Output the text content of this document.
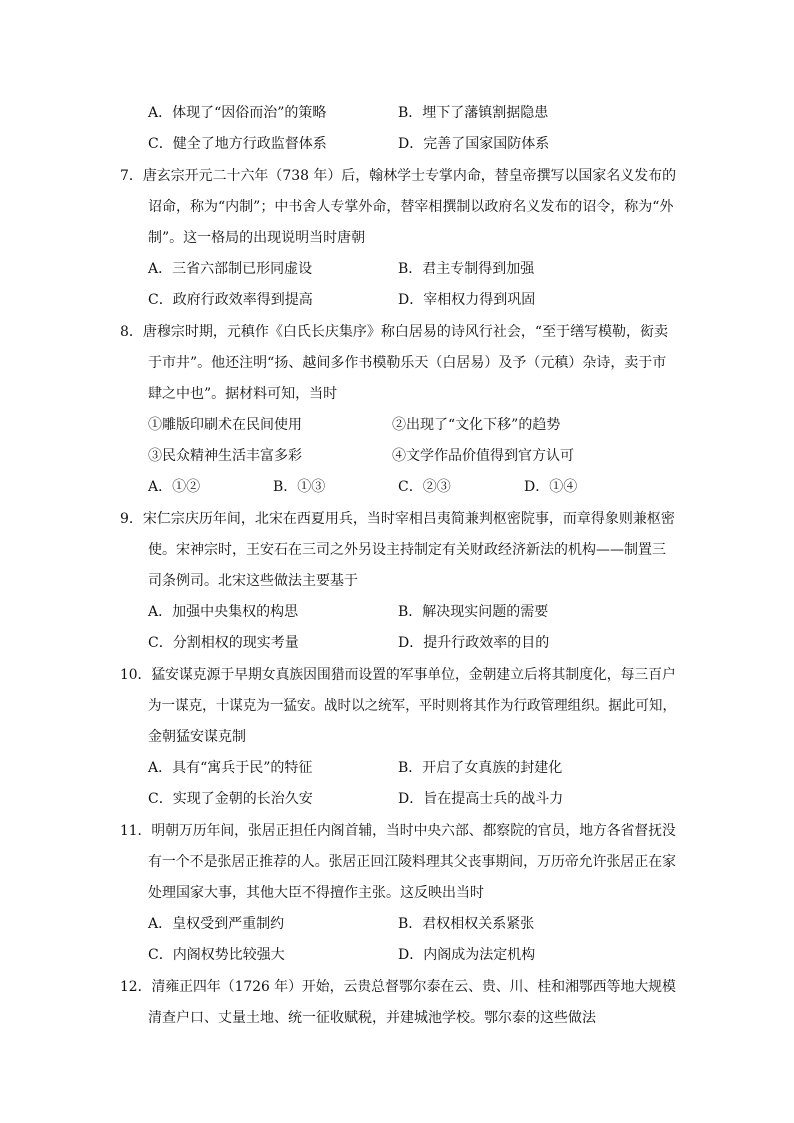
A．体现了“因俗而治”的策略	B．埋下了藩镇割据隐患
C．健全了地方行政监督体系	D．完善了国家国防体系
7．唐玄宗开元二十六年（738 年）后，翰林学士专掌内命，替皇帝撰写以国家名义发布的
诏命，称为“内制”；中书舍人专掌外命，替宰相撰制以政府名义发布的诏令，称为“外
制”。这一格局的出现说明当时唐朝
A．三省六部制已形同虚设	B．君主专制得到加强
C．政府行政效率得到提高	D．宰相权力得到巩固
8．唐穆宗时期，元稹作《白氏长庆集序》称白居易的诗风行社会，“至于缮写模勒，衒卖
于市井”。他还注明“扬、越间多作书模勒乐天（白居易）及予（元稹）杂诗，卖于市
肆之中也”。据材料可知，当时
①雕版印刷术在民间使用	②出现了“文化下移”的趋势
③民众精神生活丰富多彩	④文学作品价值得到官方认可
A．①②	B．①③	C．②③	D．①④
9．宋仁宗庆历年间，北宋在西夏用兵，当时宰相吕夷简兼判枢密院事，而章得象则兼枢密
使。宋神宗时，王安石在三司之外另设主持制定有关财政经济新法的机构——制置三
司条例司。北宋这些做法主要基于
A．加强中央集权的构思	B．解决现实问题的需要
C．分割相权的现实考量	D．提升行政效率的目的
10．猛安谋克源于早期女真族因围猎而设置的军事单位，金朝建立后将其制度化，每三百户
为一谋克，十谋克为一猛安。战时以之统军，平时则将其作为行政管理组织。据此可知，
金朝猛安谋克制
A．具有“寓兵于民”的特征	B．开启了女真族的封建化
C．实现了金朝的长治久安	D．旨在提高士兵的战斗力
11．明朝万历年间，张居正担任内阁首辅，当时中央六部、都察院的官员，地方各省督抚没
有一个不是张居正推荐的人。张居正回江陵料理其父丧事期间，万历帝允许张居正在家
处理国家大事，其他大臣不得擅作主张。这反映出当时
A．皇权受到严重制约	B．君权相权关系紧张
C．内阁权势比较强大	D．内阁成为法定机构
12．清雍正四年（1726 年）开始，云贵总督鄂尔泰在云、贵、川、桂和湘鄂西等地大规模
清查户口、丈量土地、统一征收赋税，并建城池学校。鄂尔泰的这些做法
